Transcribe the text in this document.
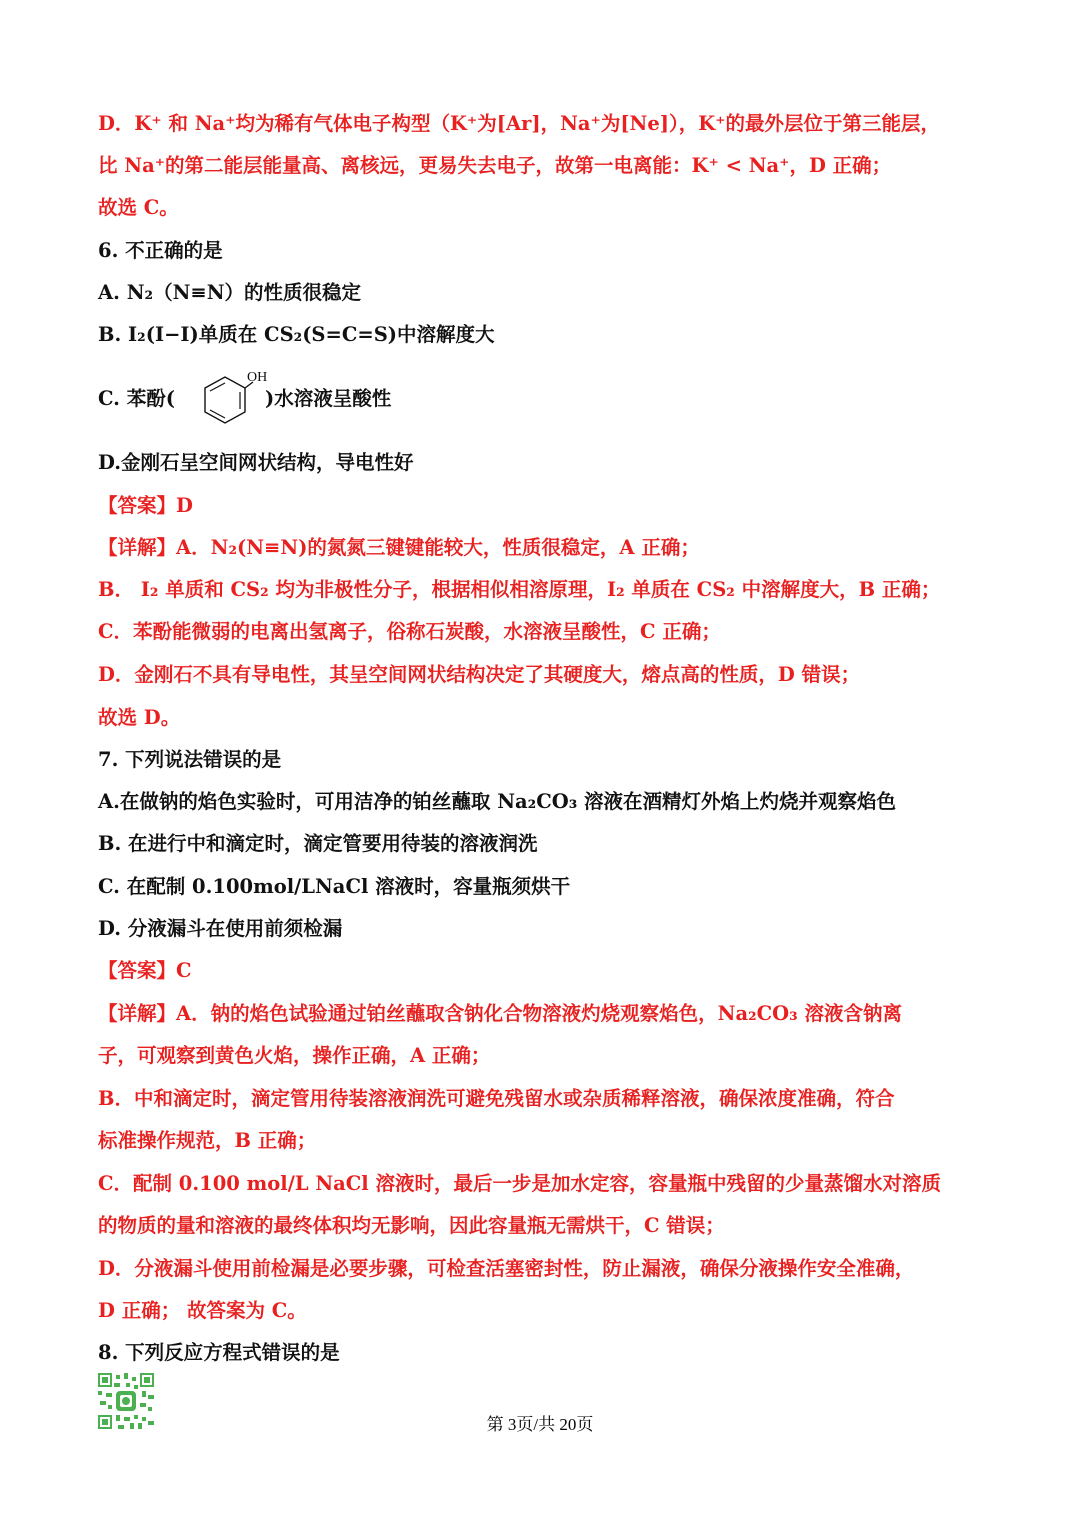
D．K⁺ 和 Na⁺均为稀有气体电子构型（K⁺为[Ar]，Na⁺为[Ne]），K⁺的最外层位于第三能层，
比 Na⁺的第二能层能量高、离核远，更易失去电子，故第一电离能：K⁺ < Na⁺，D 正确；
故选 C。
6. 不正确的是
A. N₂（N≡N）的性质很稳定
B. I₂(I−I)单质在 CS₂(S=C=S)中溶解度大
C. 苯酚(
OH
)水溶液呈酸性
D.金刚石呈空间网状结构，导电性好
【答案】D
【详解】A．N₂(N≡N)的氮氮三键键能较大，性质很稳定，A 正确；
B． I₂ 单质和 CS₂ 均为非极性分子，根据相似相溶原理，I₂ 单质在 CS₂ 中溶解度大，B 正确；
C．苯酚能微弱的电离出氢离子，俗称石炭酸，水溶液呈酸性，C 正确；
D．金刚石不具有导电性，其呈空间网状结构决定了其硬度大，熔点高的性质，D 错误；
故选 D。
7. 下列说法错误的是
A.在做钠的焰色实验时，可用洁净的铂丝蘸取 Na₂CO₃ 溶液在酒精灯外焰上灼烧并观察焰色
B. 在进行中和滴定时，滴定管要用待装的溶液润洗
C. 在配制 0.100mol/LNaCl 溶液时，容量瓶须烘干
D. 分液漏斗在使用前须检漏
【答案】C
【详解】A．钠的焰色试验通过铂丝蘸取含钠化合物溶液灼烧观察焰色，Na₂CO₃ 溶液含钠离
子，可观察到黄色火焰，操作正确，A 正确；
B．中和滴定时，滴定管用待装溶液润洗可避免残留水或杂质稀释溶液，确保浓度准确，符合
标准操作规范，B 正确；
C．配制 0.100 mol/L NaCl 溶液时，最后一步是加水定容，容量瓶中残留的少量蒸馏水对溶质
的物质的量和溶液的最终体积均无影响，因此容量瓶无需烘干，C 错误；
D．分液漏斗使用前检漏是必要步骤，可检查活塞密封性，防止漏液，确保分液操作安全准确，
D 正确； 故答案为 C。
8. 下列反应方程式错误的是
第 3页/共 20页
